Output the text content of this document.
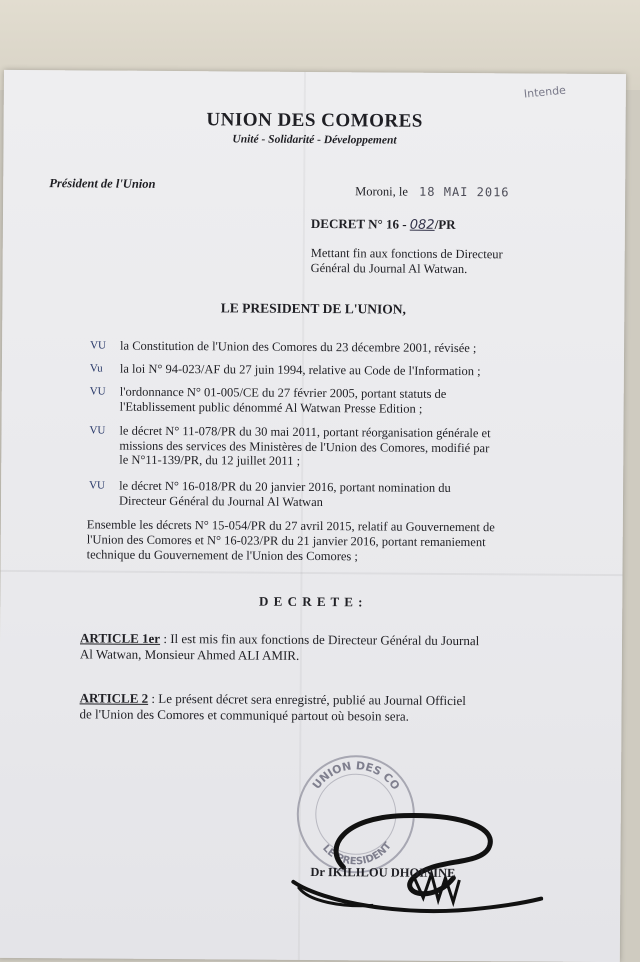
Intende
UNION DES COMORES
Unité - Solidarité - Développement
Président de l'Union
Moroni, le 18 MAI 2016
DECRET N° 16 - 082/PR
Mettant fin aux fonctions de Directeur
Général du Journal Al Watwan.
LE PRESIDENT DE L'UNION,
VU	la Constitution de l'Union des Comores du 23 décembre 2001, révisée ;
Vu	la loi N° 94-023/AF du 27 juin 1994, relative au Code de l'Information ;
VU	l'ordonnance N° 01-005/CE du 27 février 2005, portant statuts de
l'Etablissement public dénommé Al Watwan Presse Edition ;
VU	le décret N° 11-078/PR du 30 mai 2011, portant réorganisation générale et
missions des services des Ministères de l'Union des Comores, modifié par
le N°11-139/PR, du 12 juillet 2011 ;
VU	le décret N° 16-018/PR du 20 janvier 2016, portant nomination du
Directeur Général du Journal Al Watwan
Ensemble les décrets N° 15-054/PR du 27 avril 2015, relatif au Gouvernement de
l'Union des Comores et N° 16-023/PR du 21 janvier 2016, portant remaniement
technique du Gouvernement de l'Union des Comores ;
D E C R E T E :
ARTICLE 1er : Il est mis fin aux fonctions de Directeur Général du Journal
Al Watwan, Monsieur Ahmed ALI AMIR.
ARTICLE 2 : Le présent décret sera enregistré, publié au Journal Officiel
de l'Union des Comores et communiqué partout où besoin sera.
UNION DES CO
LE PRESIDENT
Dr IKILILOU DHOININE
